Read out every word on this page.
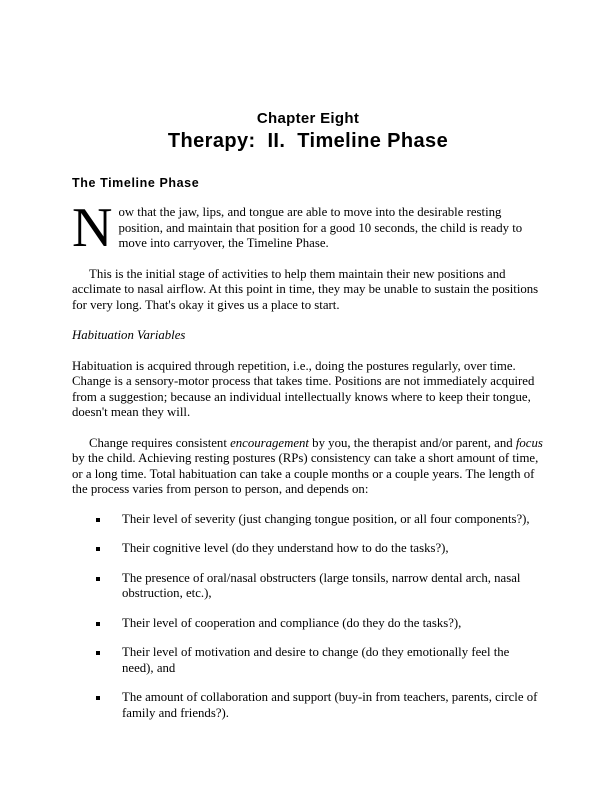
Chapter Eight
Therapy:  II.  Timeline Phase
The Timeline Phase

Now that the jaw, lips, and tongue are able to move into the desirable resting position, and maintain that position for a good 10 seconds, the child is ready to move into carryover, the Timeline Phase.

This is the initial stage of activities to help them maintain their new positions and acclimate to nasal airflow. At this point in time, they may be unable to sustain the positions for very long. That's okay it gives us a place to start.

Habituation Variables

Habituation is acquired through repetition, i.e., doing the postures regularly, over time. Change is a sensory-motor process that takes time. Positions are not immediately acquired from a suggestion; because an individual intellectually knows where to keep their tongue, doesn't mean they will.

Change requires consistent encouragement by you, the therapist and/or parent, and focus by the child. Achieving resting postures (RPs) consistency can take a short amount of time, or a long time. Total habituation can take a couple months or a couple years. The length of the process varies from person to person, and depends on:

Their level of severity (just changing tongue position, or all four components?),
Their cognitive level (do they understand how to do the tasks?),
The presence of oral/nasal obstructers (large tonsils, narrow dental arch, nasal obstruction, etc.),
Their level of cooperation and compliance (do they do the tasks?),
Their level of motivation and desire to change (do they emotionally feel the need), and
The amount of collaboration and support (buy-in from teachers, parents, circle of family and friends?).
